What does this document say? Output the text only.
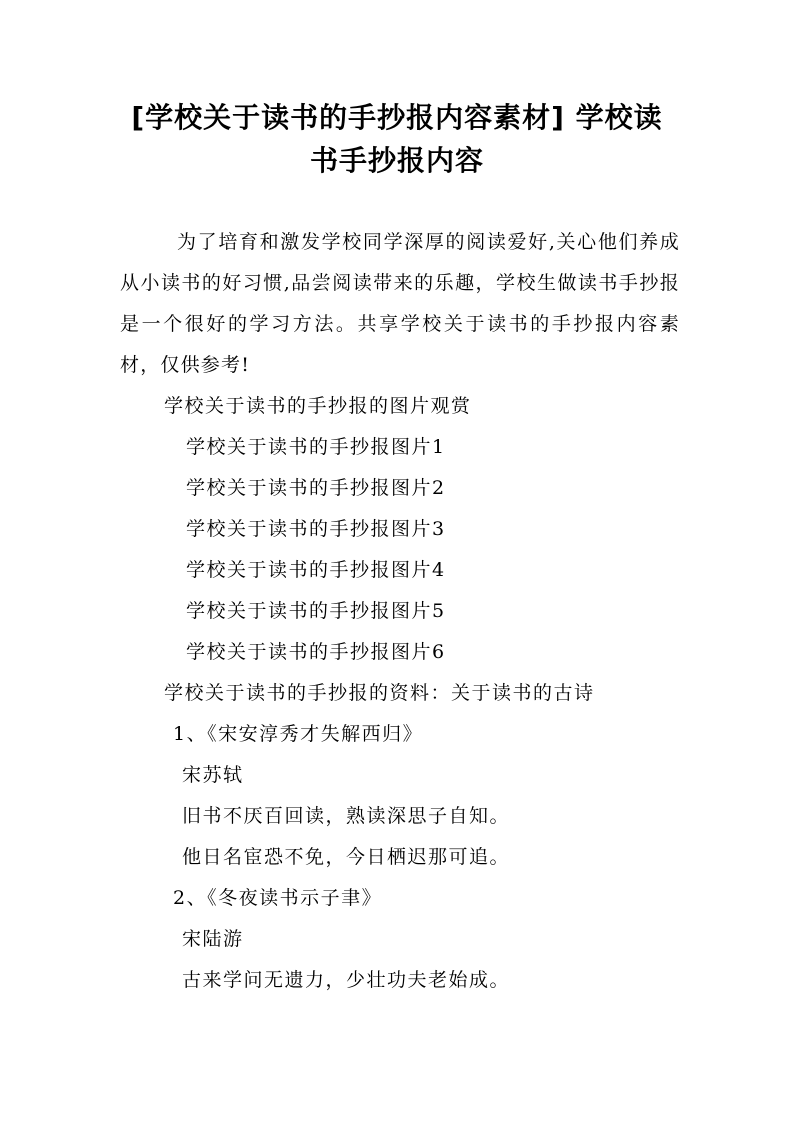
[学校关于读书的手抄报内容素材] 学校读
书手抄报内容

为了培育和激发学校同学深厚的阅读爱好,关心他们养成从小读书的好习惯,品尝阅读带来的乐趣，学校生做读书手抄报是一个很好的学习方法。共享学校关于读书的手抄报内容素材，仅供参考!

学校关于读书的手抄报的图片观赏

学校关于读书的手抄报图片1

学校关于读书的手抄报图片2

学校关于读书的手抄报图片3

学校关于读书的手抄报图片4

学校关于读书的手抄报图片5

学校关于读书的手抄报图片6

学校关于读书的手抄报的资料：关于读书的古诗

1、《宋安淳秀才失解西归》

宋苏轼

旧书不厌百回读，熟读深思子自知。

他日名宦恐不免，今日栖迟那可追。

2、《冬夜读书示子聿》

宋陆游

古来学问无遗力，少壮功夫老始成。
